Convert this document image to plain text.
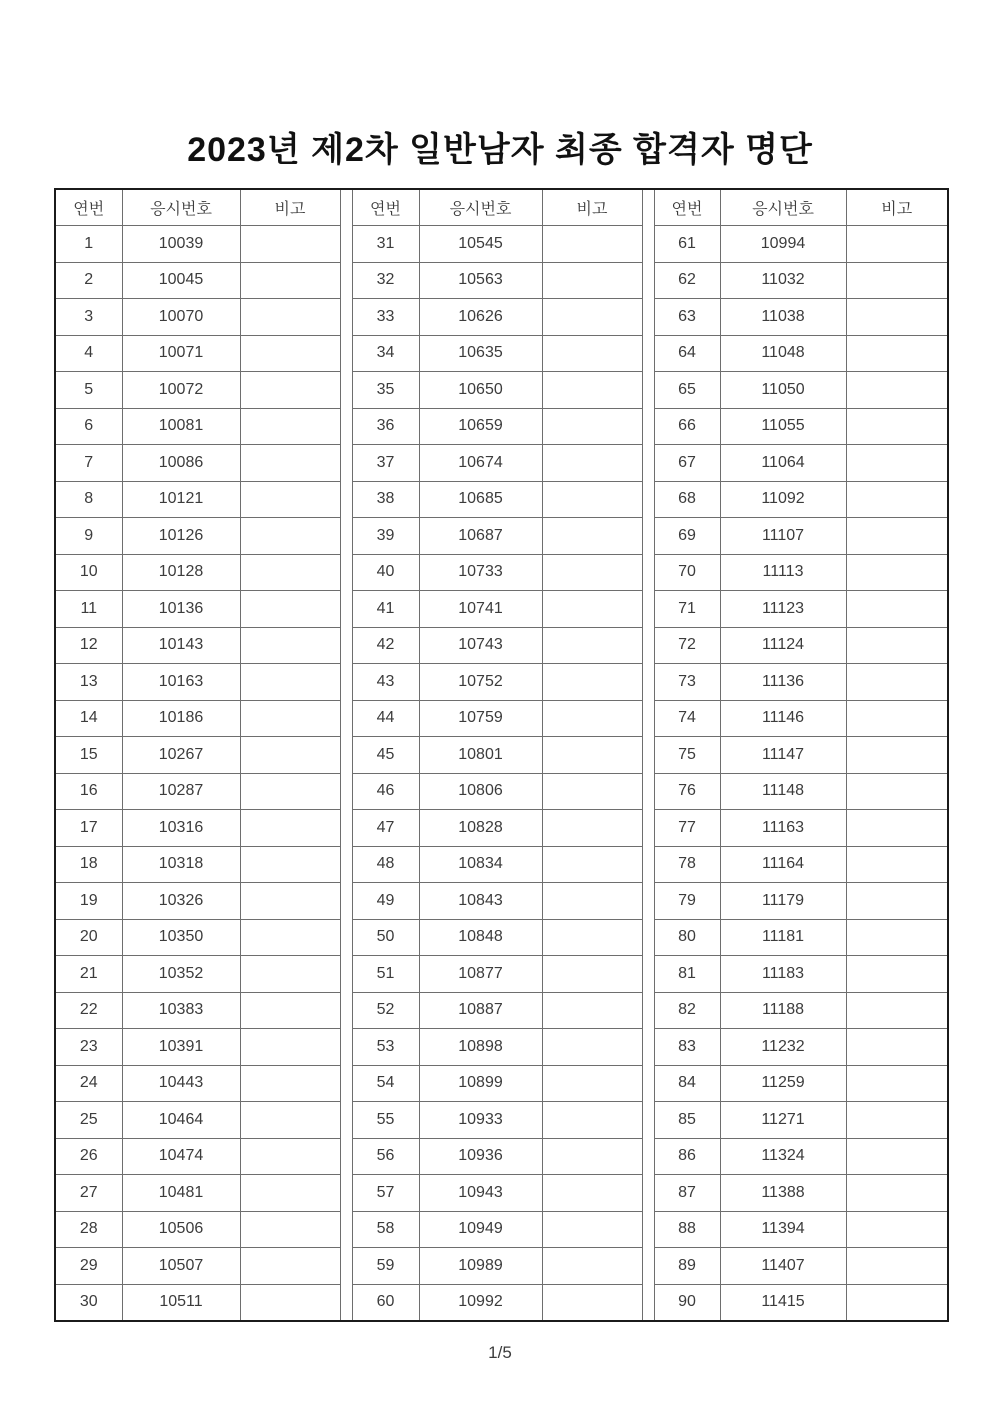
2023년 제2차 일반남자 최종 합격자 명단
연번	응시번호	비고		연번	응시번호	비고		연번	응시번호	비고
1	10039			31	10545			61	10994	
2	10045			32	10563			62	11032	
3	10070			33	10626			63	11038	
4	10071			34	10635			64	11048	
5	10072			35	10650			65	11050	
6	10081			36	10659			66	11055	
7	10086			37	10674			67	11064	
8	10121			38	10685			68	11092	
9	10126			39	10687			69	11107	
10	10128			40	10733			70	11113	
11	10136			41	10741			71	11123	
12	10143			42	10743			72	11124	
13	10163			43	10752			73	11136	
14	10186			44	10759			74	11146	
15	10267			45	10801			75	11147	
16	10287			46	10806			76	11148	
17	10316			47	10828			77	11163	
18	10318			48	10834			78	11164	
19	10326			49	10843			79	11179	
20	10350			50	10848			80	11181	
21	10352			51	10877			81	11183	
22	10383			52	10887			82	11188	
23	10391			53	10898			83	11232	
24	10443			54	10899			84	11259	
25	10464			55	10933			85	11271	
26	10474			56	10936			86	11324	
27	10481			57	10943			87	11388	
28	10506			58	10949			88	11394	
29	10507			59	10989			89	11407	
30	10511			60	10992			90	11415	
1/5
